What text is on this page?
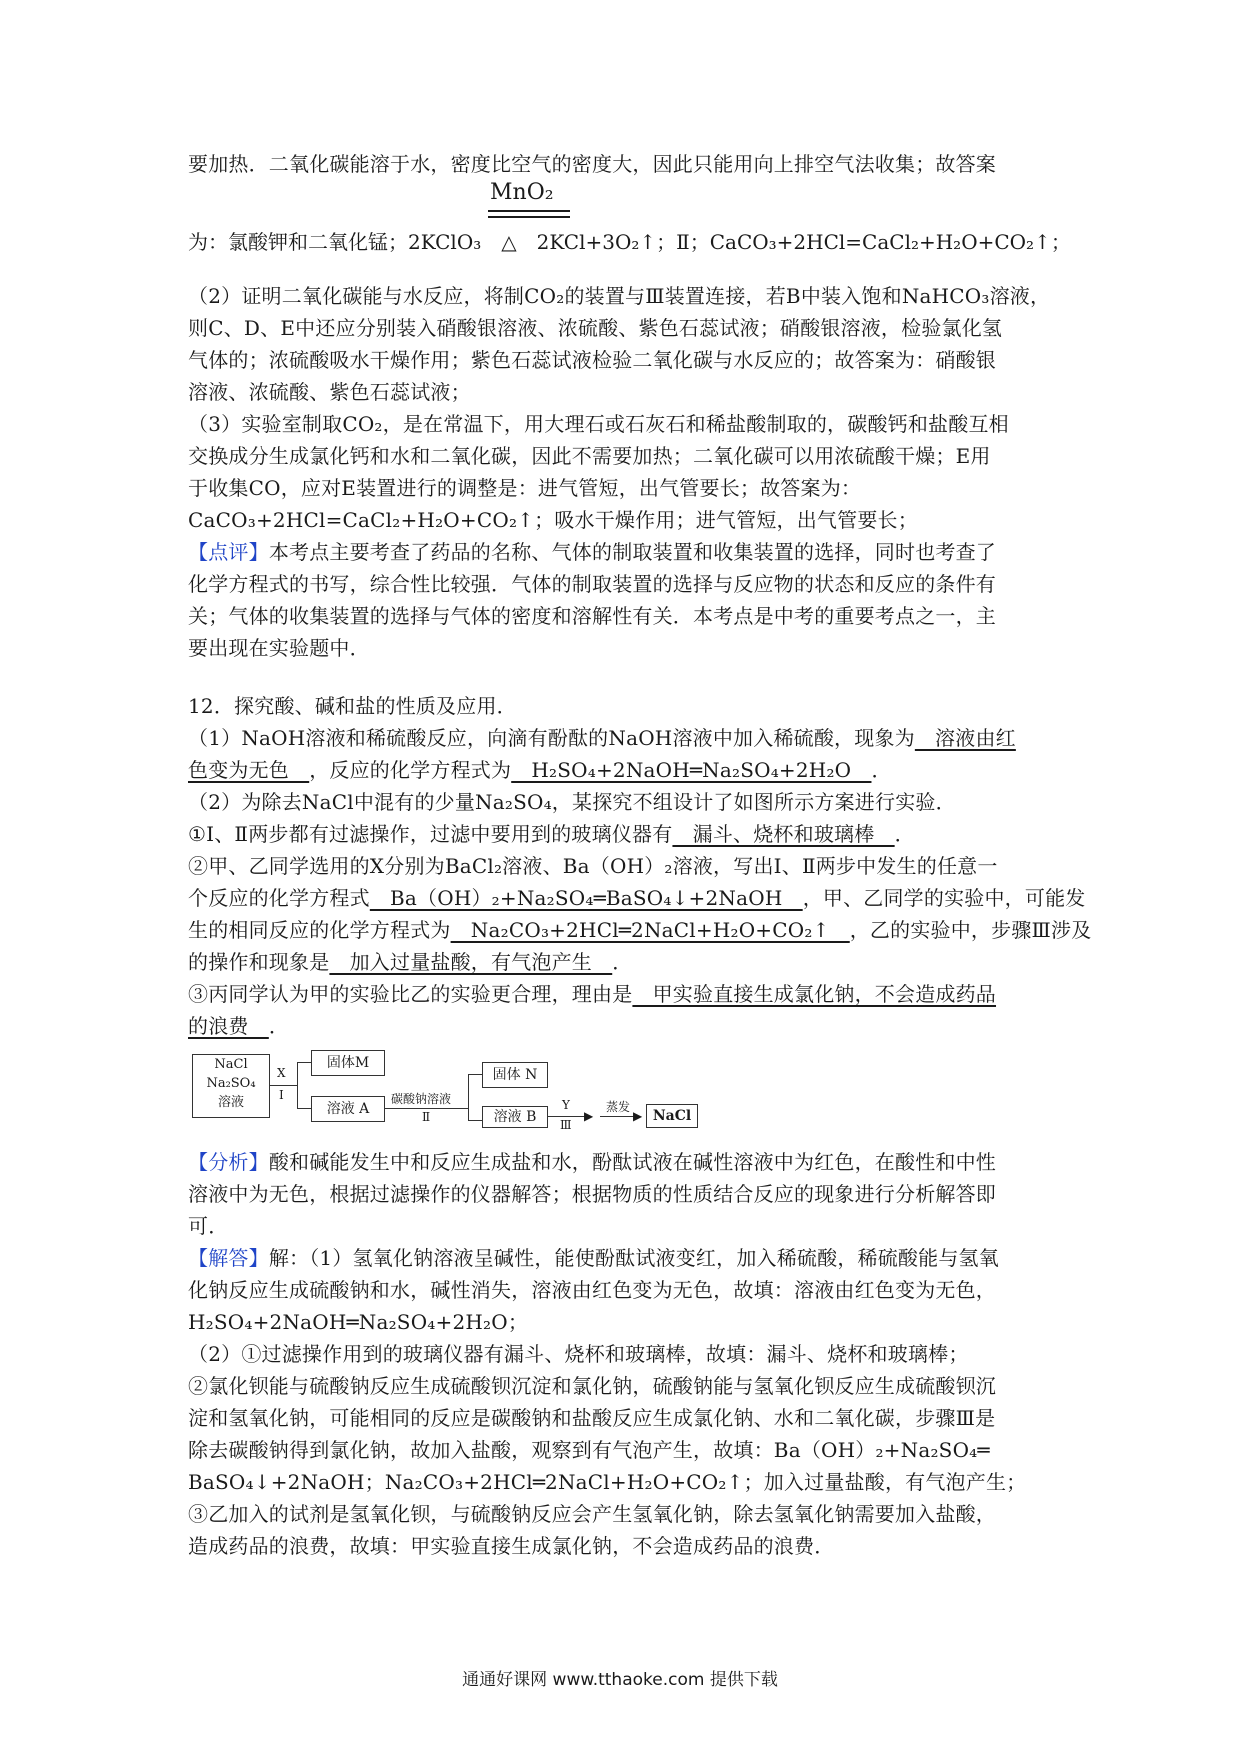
要加热．二氧化碳能溶于水，密度比空气的密度大，因此只能用向上排空气法收集；故答案
MnO₂
为：氯酸钾和二氧化锰；2KClO₃ △ 2KCl+3O₂↑；Ⅱ；CaCO₃+2HCl=CaCl₂+H₂O+CO₂↑；
（2）证明二氧化碳能与水反应，将制CO₂的装置与Ⅲ装置连接，若B中装入饱和NaHCO₃溶液，
则C、D、E中还应分别装入硝酸银溶液、浓硫酸、紫色石蕊试液；硝酸银溶液，检验氯化氢
气体的；浓硫酸吸水干燥作用；紫色石蕊试液检验二氧化碳与水反应的；故答案为：硝酸银
溶液、浓硫酸、紫色石蕊试液；
（3）实验室制取CO₂，是在常温下，用大理石或石灰石和稀盐酸制取的，碳酸钙和盐酸互相
交换成分生成氯化钙和水和二氧化碳，因此不需要加热；二氧化碳可以用浓硫酸干燥；E用
于收集CO，应对E装置进行的调整是：进气管短，出气管要长；故答案为：
CaCO₃+2HCl=CaCl₂+H₂O+CO₂↑；吸水干燥作用；进气管短，出气管要长；
【点评】本考点主要考查了药品的名称、气体的制取装置和收集装置的选择，同时也考查了
化学方程式的书写，综合性比较强．气体的制取装置的选择与反应物的状态和反应的条件有
关；气体的收集装置的选择与气体的密度和溶解性有关．本考点是中考的重要考点之一，主
要出现在实验题中．
12．探究酸、碱和盐的性质及应用．
（1）NaOH溶液和稀硫酸反应，向滴有酚酞的NaOH溶液中加入稀硫酸，现象为　溶液由红
色变为无色　，反应的化学方程式为　H₂SO₄+2NaOH═Na₂SO₄+2H₂O　．
（2）为除去NaCl中混有的少量Na₂SO₄，某探究不组设计了如图所示方案进行实验．
①Ⅰ、Ⅱ两步都有过滤操作，过滤中要用到的玻璃仪器有　漏斗、烧杯和玻璃棒　．
②甲、乙同学选用的X分别为BaCl₂溶液、Ba（OH）₂溶液，写出Ⅰ、Ⅱ两步中发生的任意一
个反应的化学方程式　Ba（OH）₂+Na₂SO₄═BaSO₄↓+2NaOH　，甲、乙同学的实验中，可能发
生的相同反应的化学方程式为　Na₂CO₃+2HCl═2NaCl+H₂O+CO₂↑　，乙的实验中，步骤Ⅲ涉及
的操作和现象是　加入过量盐酸，有气泡产生　．
③丙同学认为甲的实验比乙的实验更合理，理由是　甲实验直接生成氯化钠，不会造成药品
的浪费　．
NaCl
Na₂SO₄
溶液
X
Ⅰ
固体M
溶液 A
碳酸钠溶液
Ⅱ
固体 N
溶液 B	▶
Y
Ⅲ
▶
蒸发
NaCl
【分析】酸和碱能发生中和反应生成盐和水，酚酞试液在碱性溶液中为红色，在酸性和中性
溶液中为无色，根据过滤操作的仪器解答；根据物质的性质结合反应的现象进行分析解答即
可．
【解答】解：（1）氢氧化钠溶液呈碱性，能使酚酞试液变红，加入稀硫酸，稀硫酸能与氢氧
化钠反应生成硫酸钠和水，碱性消失，溶液由红色变为无色，故填：溶液由红色变为无色，
H₂SO₄+2NaOH═Na₂SO₄+2H₂O；
（2）①过滤操作用到的玻璃仪器有漏斗、烧杯和玻璃棒，故填：漏斗、烧杯和玻璃棒；
②氯化钡能与硫酸钠反应生成硫酸钡沉淀和氯化钠，硫酸钠能与氢氧化钡反应生成硫酸钡沉
淀和氢氧化钠，可能相同的反应是碳酸钠和盐酸反应生成氯化钠、水和二氧化碳，步骤Ⅲ是
除去碳酸钠得到氯化钠，故加入盐酸，观察到有气泡产生，故填：Ba（OH）₂+Na₂SO₄═
BaSO₄↓+2NaOH；Na₂CO₃+2HCl═2NaCl+H₂O+CO₂↑；加入过量盐酸，有气泡产生；
③乙加入的试剂是氢氧化钡，与硫酸钠反应会产生氢氧化钠，除去氢氧化钠需要加入盐酸，
造成药品的浪费，故填：甲实验直接生成氯化钠，不会造成药品的浪费．
通通好课网 www.tthaoke.com 提供下载
